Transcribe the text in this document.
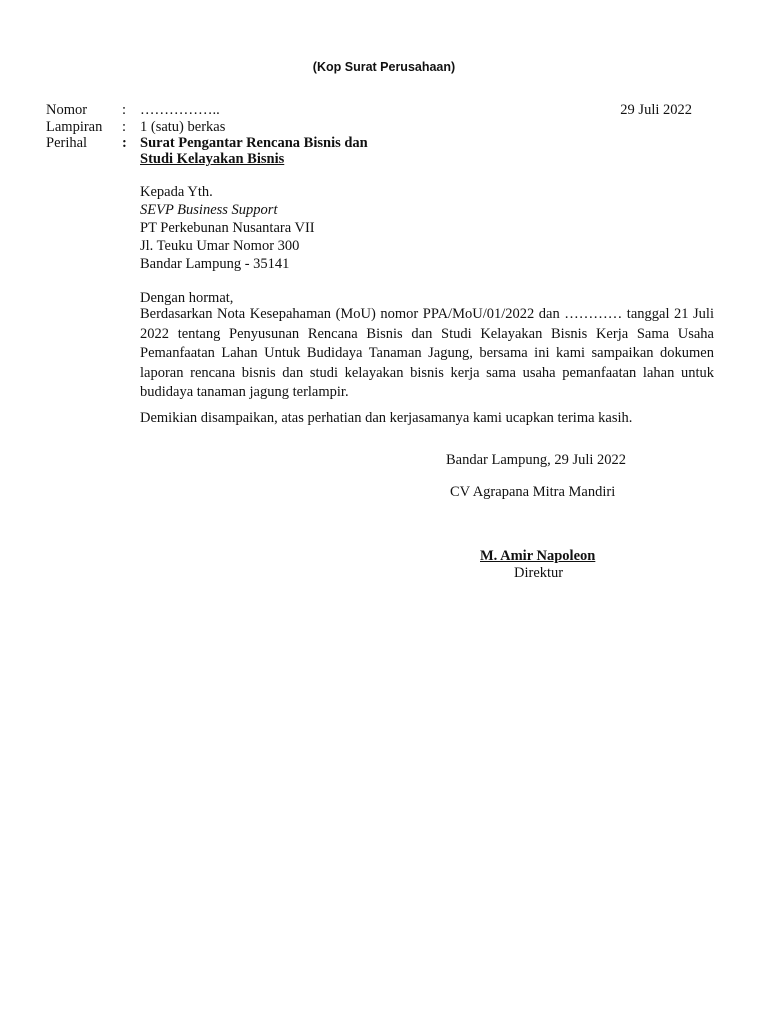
(Kop Surat Perusahaan)
29 Juli 2022
Nomor : ……………..
Lampiran : 1 (satu) berkas
Perihal : Surat Pengantar Rencana Bisnis dan
Studi Kelayakan Bisnis
Kepada Yth.
SEVP Business Support
PT Perkebunan Nusantara VII
Jl. Teuku Umar Nomor 300
Bandar Lampung - 35141
Dengan hormat,
Berdasarkan Nota Kesepahaman (MoU) nomor PPA/MoU/01/2022 dan ………… tanggal 21 Juli 2022 tentang Penyusunan Rencana Bisnis dan Studi Kelayakan Bisnis Kerja Sama Usaha Pemanfaatan Lahan Untuk Budidaya Tanaman Jagung, bersama ini kami sampaikan dokumen laporan rencana bisnis dan studi kelayakan bisnis kerja sama usaha pemanfaatan lahan untuk budidaya tanaman jagung terlampir.
Demikian disampaikan, atas perhatian dan kerjasamanya kami ucapkan terima kasih.
Bandar Lampung, 29 Juli 2022
CV Agrapana Mitra Mandiri
M. Amir Napoleon
Direktur
